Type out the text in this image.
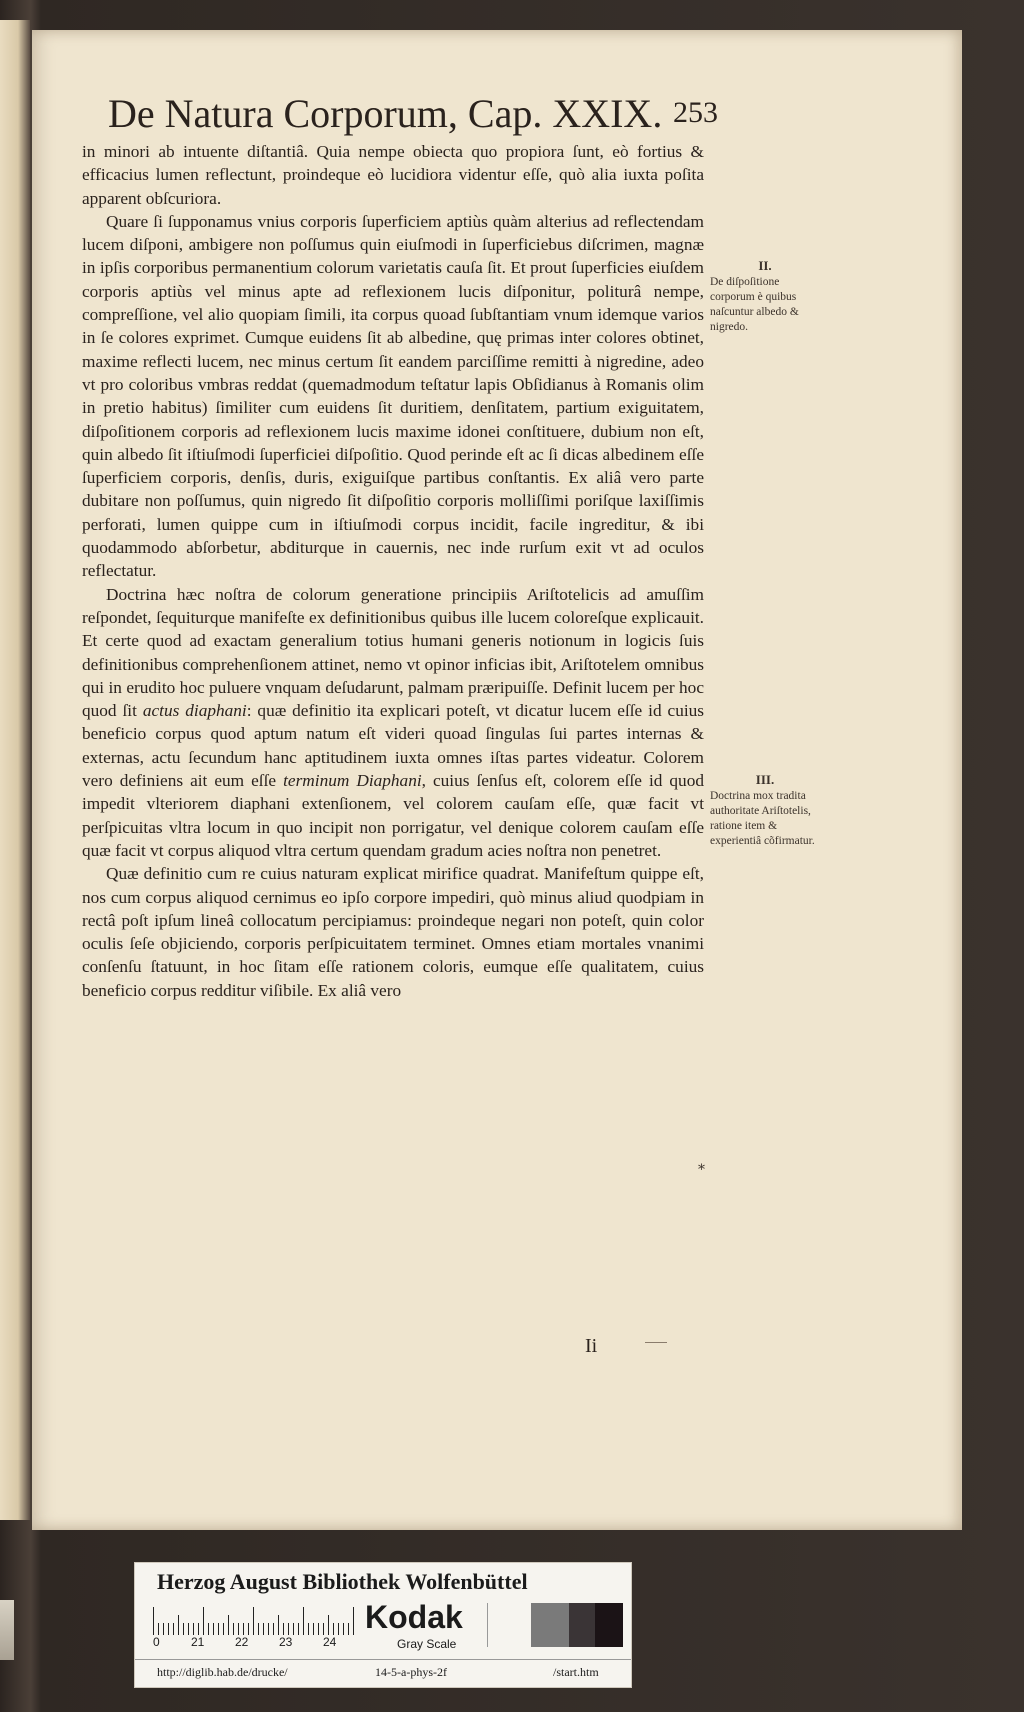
De Natura Corporum, Cap. XXIX. 253

in minori ab intuente diſtantiâ. Quia nempe obiecta quo propiora ſunt, eò fortius & efficacius lumen reflectunt, proindeque eò lucidiora videntur eſſe, quò alia iuxta poſita apparent obſcuriora.

Quare ſi ſupponamus vnius corporis ſuperficiem aptiùs quàm alterius ad reflectendam lucem diſponi, ambigere non poſſumus quin eiuſmodi in ſuperficiebus diſcrimen, magnæ in ipſis corporibus permanentium colorum varietatis cauſa ſit. Et prout ſuperficies eiuſdem corporis aptiùs vel minus apte ad reflexionem lucis diſponitur, politurâ nempe, compreſſione, vel alio quopiam ſimili, ita corpus quoad ſubſtantiam vnum idemque varios in ſe colores exprimet. Cumque euidens ſit ab albedine, quę primas inter colores obtinet, maxime reflecti lucem, nec minus certum ſit eandem parciſſime remitti à nigredine, adeo vt pro coloribus vmbras reddat (quemadmodum teſtatur lapis Obſidianus à Romanis olim in pretio habitus) ſimiliter cum euidens ſit duritiem, denſitatem, partium exiguitatem, diſpoſitionem corporis ad reflexionem lucis maxime idonei conſtituere, dubium non eſt, quin albedo ſit iſtiuſmodi ſuperficiei diſpoſitio. Quod perinde eſt ac ſi dicas albedinem eſſe ſuperficiem corporis, denſis, duris, exiguiſque partibus conſtantis. Ex aliâ vero parte dubitare non poſſumus, quin nigredo ſit diſpoſitio corporis molliſſimi poriſque laxiſſimis perforati, lumen quippe cum in iſtiuſmodi corpus incidit, facile ingreditur, & ibi quodammodo abſorbetur, abditurque in cauernis, nec inde rurſum exit vt ad oculos reflectatur.

Doctrina hæc noſtra de colorum generatione principiis Ariſtotelicis ad amuſſim reſpondet, ſequiturque manifeſte ex definitionibus quibus ille lucem coloreſque explicauit. Et certe quod ad exactam generalium totius humani generis notionum in logicis ſuis definitionibus comprehenſionem attinet, nemo vt opinor inficias ibit, Ariſtotelem omnibus qui in erudito hoc puluere vnquam deſudarunt, palmam præripuiſſe. Definit lucem per hoc quod ſit actus diaphani: quæ definitio ita explicari poteſt, vt dicatur lucem eſſe id cuius beneficio corpus quod aptum natum eſt videri quoad ſingulas ſui partes internas & externas, actu ſecundum hanc aptitudinem iuxta omnes iſtas partes videatur. Colorem vero definiens ait eum eſſe terminum Diaphani, cuius ſenſus eſt, colorem eſſe id quod impedit vlteriorem diaphani extenſionem, vel colorem cauſam eſſe, quæ facit vt perſpicuitas vltra locum in quo incipit non porrigatur, vel denique colorem cauſam eſſe quæ facit vt corpus aliquod vltra certum quendam gradum acies noſtra non penetret.

Quæ definitio cum re cuius naturam explicat mirifice quadrat. Manifeſtum quippe eſt, nos cum corpus aliquod cernimus eo ipſo corpore impediri, quò minus aliud quodpiam in rectâ poſt ipſum lineâ collocatum percipiamus: proindeque negari non poteſt, quin color oculis ſeſe objiciendo, corporis perſpicuitatem terminet. Omnes etiam mortales vnanimi conſenſu ſtatuunt, in hoc ſitam eſſe rationem coloris, eumque eſſe qualitatem, cuius beneficio corpus redditur viſibile. Ex aliâ vero

II.
De diſpoſitione corporum è quibus naſcuntur albedo & nigredo.
III.
Doctrina mox tradita authoritate Ariſtotelis, ratione item & experientiâ cõfirmatur.
*
Ii
Herzog August Bibliothek Wolfenbüttel
0	21	22	23	24
Kodak
Gray Scale
http://diglib.hab.de/drucke/	14-5-a-phys-2f	/start.htm
